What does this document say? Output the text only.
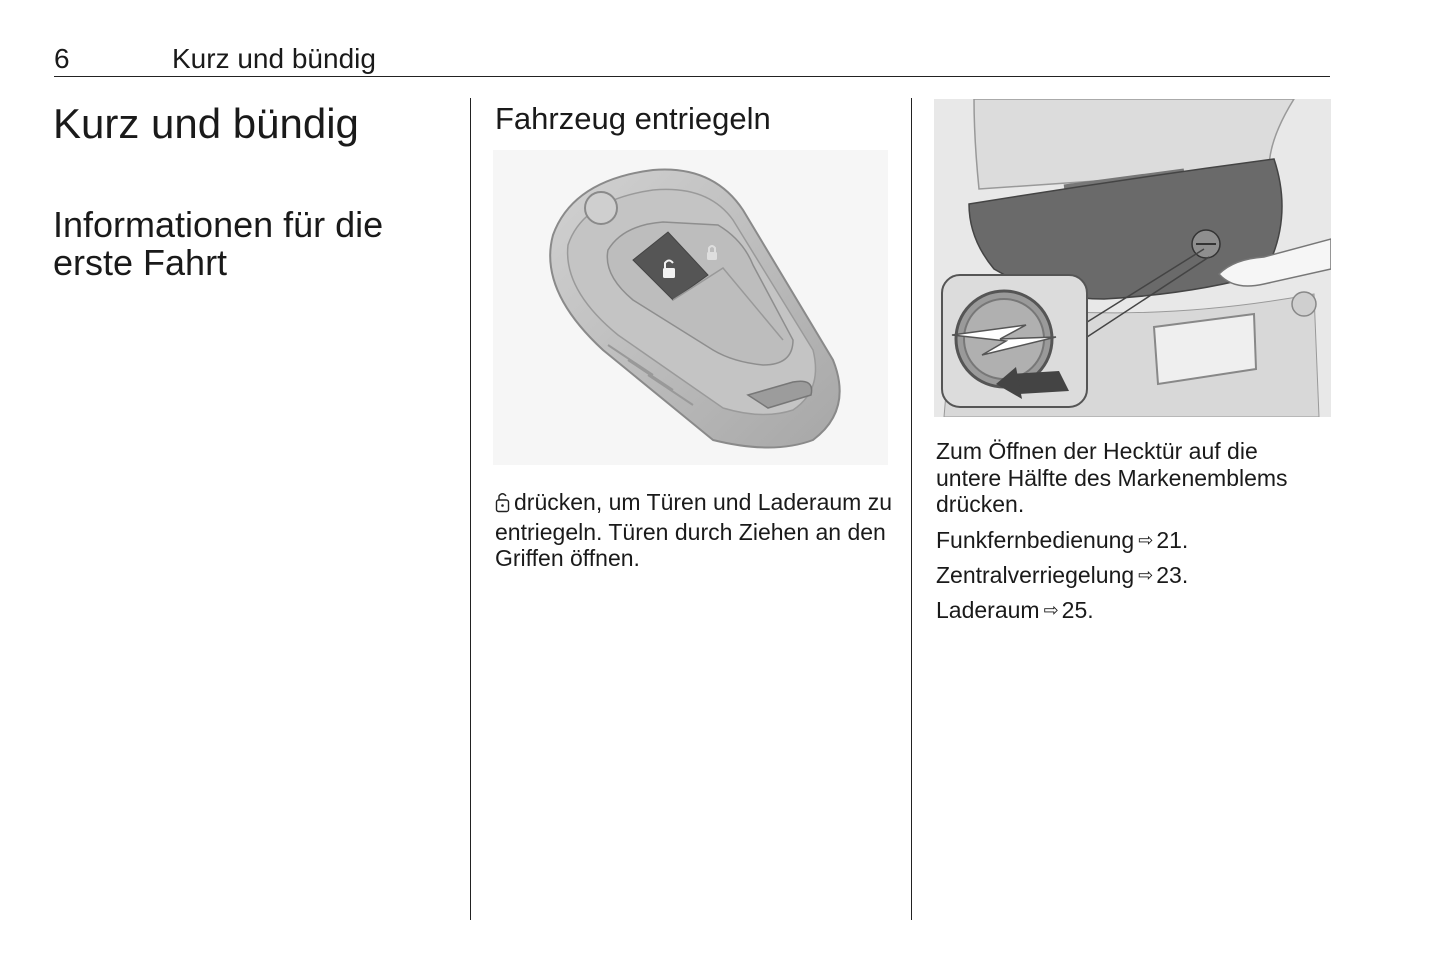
6	Kurz und bündig
Kurz und bündig
Informationen für die erste Fahrt
Fahrzeug entriegeln

drücken, um Türen und Laderaum zu entriegeln. Türen durch Ziehen an den Griffen öffnen.

Zum Öffnen der Hecktür auf die untere Hälfte des Markenemblems drücken.

Funkfernbedienung ⇨ 21.
Zentralverriegelung ⇨ 23.
Laderaum ⇨ 25.
